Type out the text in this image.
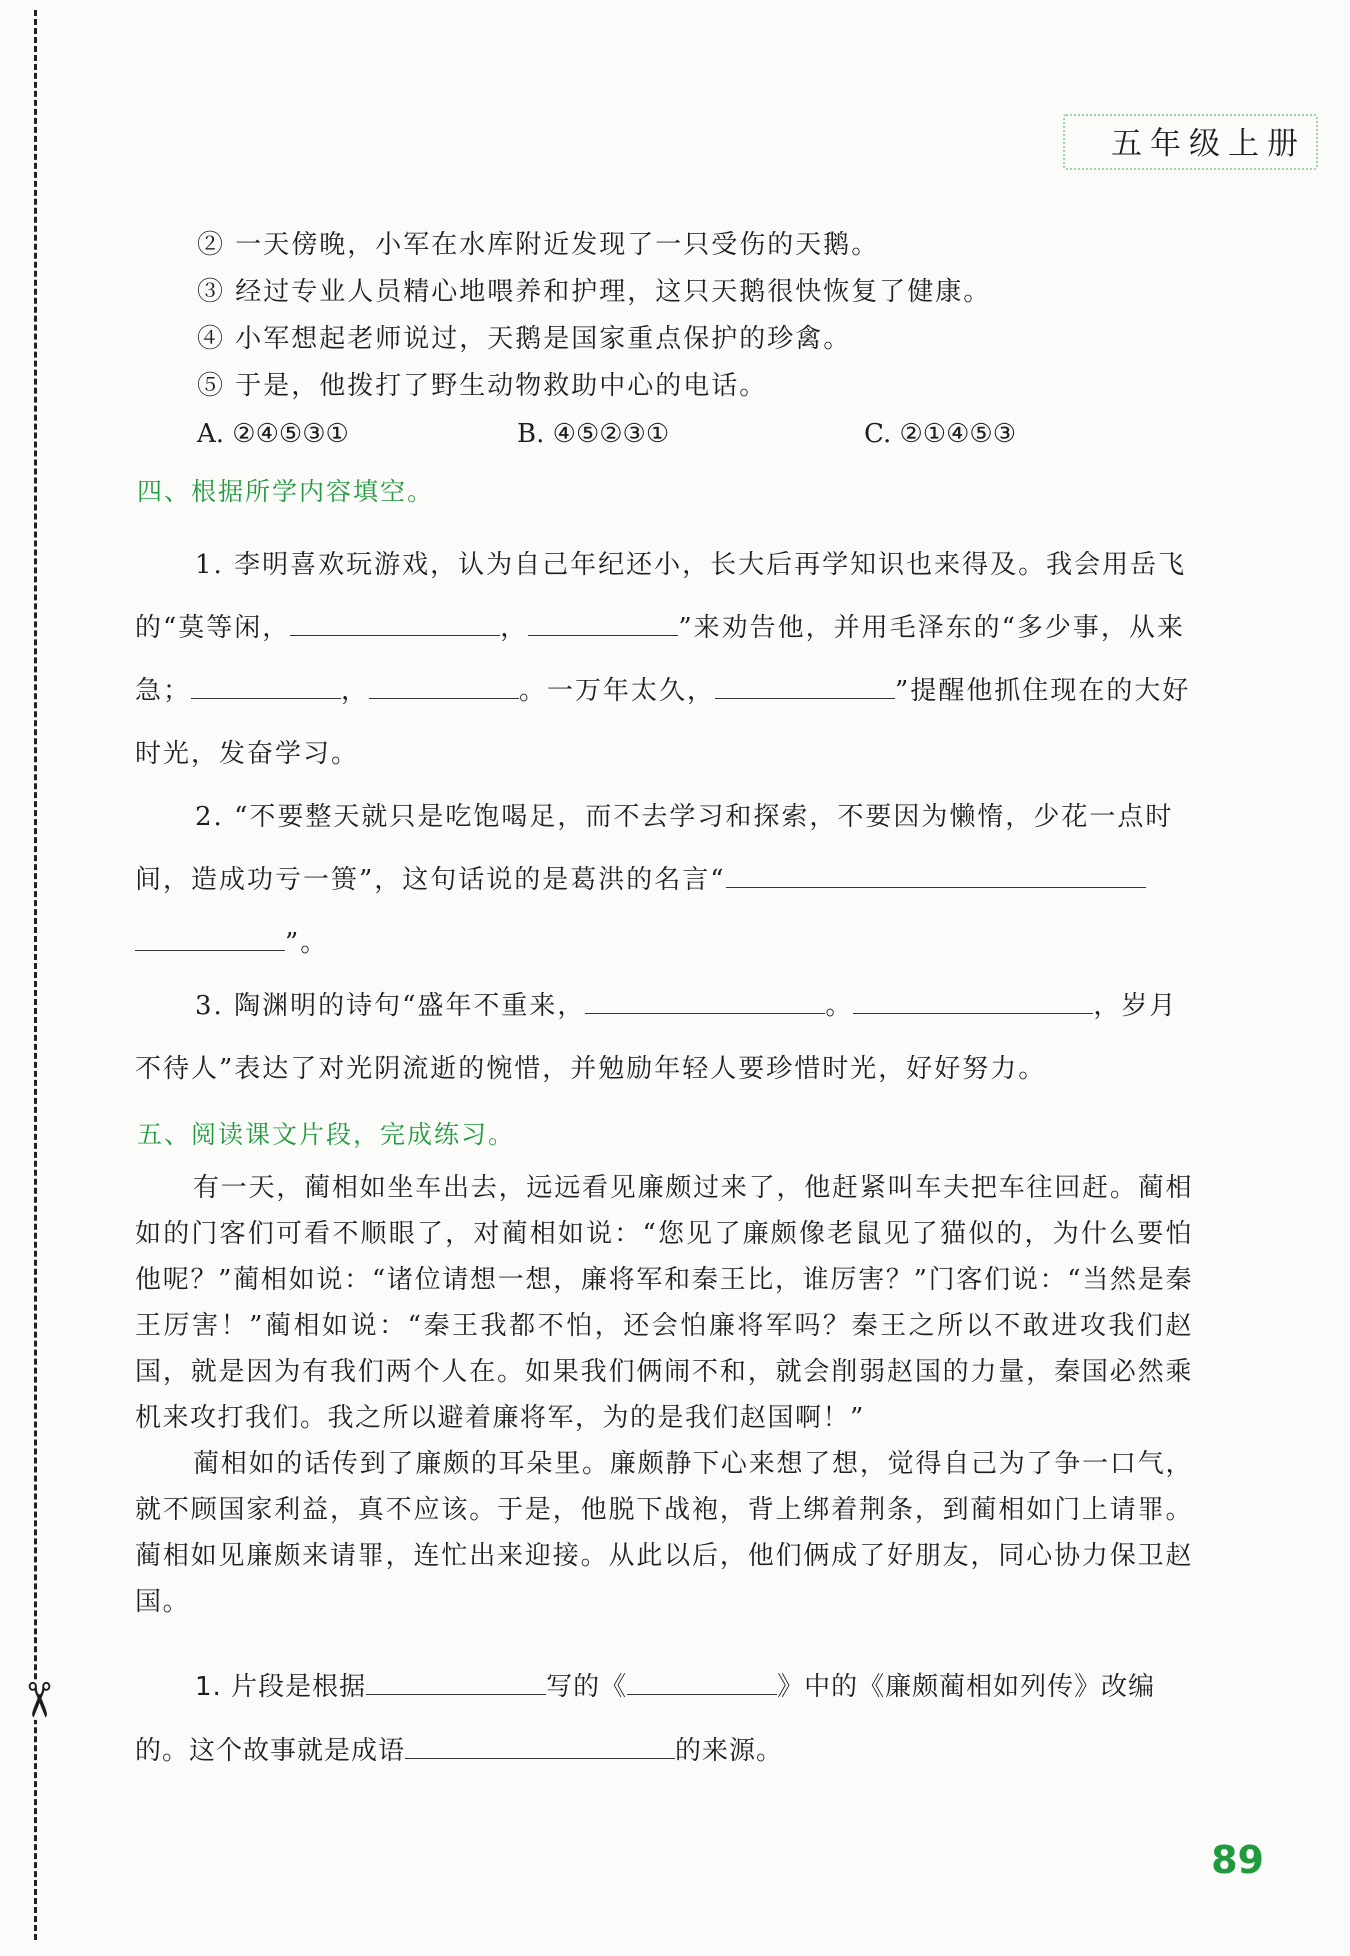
✂
五年级上册
② 一天傍晚，小军在水库附近发现了一只受伤的天鹅。
③ 经过专业人员精心地喂养和护理，这只天鹅很快恢复了健康。
④ 小军想起老师说过，天鹅是国家重点保护的珍禽。
⑤ 于是，他拨打了野生动物救助中心的电话。
A. ②④⑤③①	B. ④⑤②③①	C. ②①④⑤③
四、根据所学内容填空。
1. 李明喜欢玩游戏，认为自己年纪还小，长大后再学知识也来得及。我会用岳飞的“莫等闲，	，	”来劝告他，并用毛泽东的“多少事，从来急；	，	。一万年太久，	”提醒他抓住现在的大好时光，发奋学习。
2. “不要整天就只是吃饱喝足，而不去学习和探索，不要因为懒惰，少花一点时间，造成功亏一篑”，这句话说的是葛洪的名言“”。
3. 陶渊明的诗句“盛年不重来，	。	，岁月不待人”表达了对光阴流逝的惋惜，并勉励年轻人要珍惜时光，好好努力。
五、阅读课文片段，完成练习。
有一天，蔺相如坐车出去，远远看见廉颇过来了，他赶紧叫车夫把车往回赶。蔺相如的门客们可看不顺眼了，对蔺相如说：“您见了廉颇像老鼠见了猫似的，为什么要怕他呢？”蔺相如说：“诸位请想一想，廉将军和秦王比，谁厉害？”门客们说：“当然是秦王厉害！”蔺相如说：“秦王我都不怕，还会怕廉将军吗？秦王之所以不敢进攻我们赵国，就是因为有我们两个人在。如果我们俩闹不和，就会削弱赵国的力量，秦国必然乘机来攻打我们。我之所以避着廉将军，为的是我们赵国啊！”
蔺相如的话传到了廉颇的耳朵里。廉颇静下心来想了想，觉得自己为了争一口气，就不顾国家利益，真不应该。于是，他脱下战袍，背上绑着荆条，到蔺相如门上请罪。蔺相如见廉颇来请罪，连忙出来迎接。从此以后，他们俩成了好朋友，同心协力保卫赵国。
1. 片段是根据	写的《	》中的《廉颇蔺相如列传》改编的。这个故事就是成语	的来源。
89
